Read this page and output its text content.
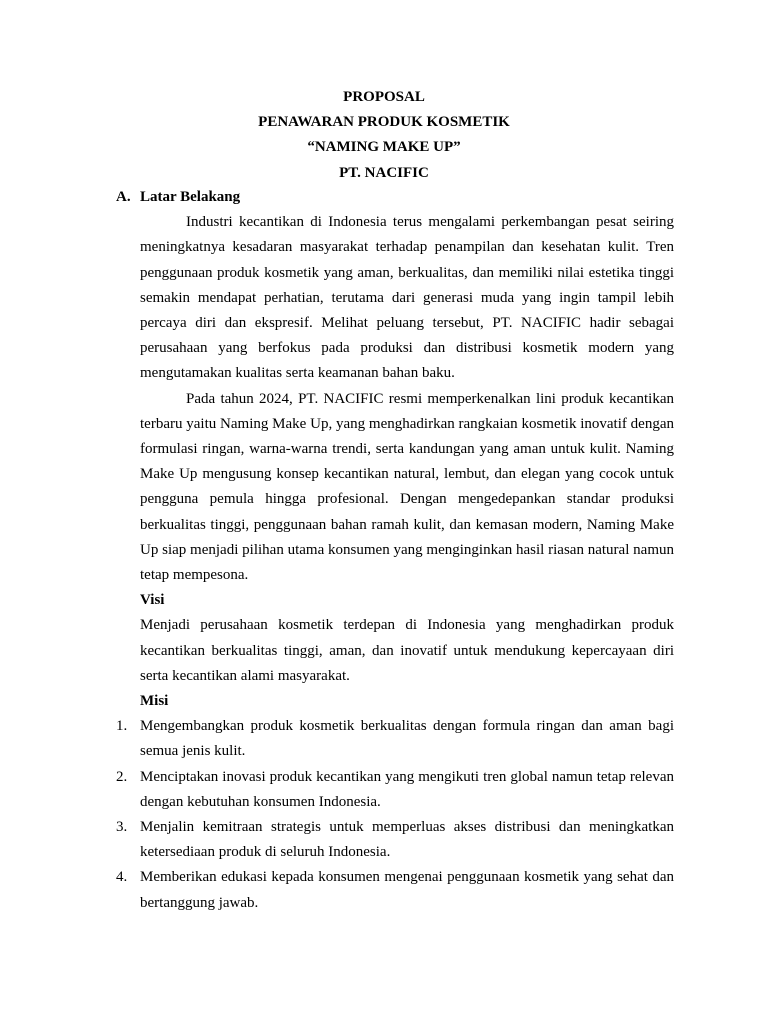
PROPOSAL
PENAWARAN PRODUK KOSMETIK
“NAMING MAKE UP”
PT. NACIFIC
A. Latar Belakang

Industri kecantikan di Indonesia terus mengalami perkembangan pesat seiring meningkatnya kesadaran masyarakat terhadap penampilan dan kesehatan kulit. Tren penggunaan produk kosmetik yang aman, berkualitas, dan memiliki nilai estetika tinggi semakin mendapat perhatian, terutama dari generasi muda yang ingin tampil lebih percaya diri dan ekspresif. Melihat peluang tersebut, PT. NACIFIC hadir sebagai perusahaan yang berfokus pada produksi dan distribusi kosmetik modern yang mengutamakan kualitas serta keamanan bahan baku.

Pada tahun 2024, PT. NACIFIC resmi memperkenalkan lini produk kecantikan terbaru yaitu Naming Make Up, yang menghadirkan rangkaian kosmetik inovatif dengan formulasi ringan, warna-warna trendi, serta kandungan yang aman untuk kulit. Naming Make Up mengusung konsep kecantikan natural, lembut, dan elegan yang cocok untuk pengguna pemula hingga profesional. Dengan mengedepankan standar produksi berkualitas tinggi, penggunaan bahan ramah kulit, dan kemasan modern, Naming Make Up siap menjadi pilihan utama konsumen yang menginginkan hasil riasan natural namun tetap mempesona.

Visi

Menjadi perusahaan kosmetik terdepan di Indonesia yang menghadirkan produk kecantikan berkualitas tinggi, aman, dan inovatif untuk mendukung kepercayaan diri serta kecantikan alami masyarakat.

Misi
1. Mengembangkan produk kosmetik berkualitas dengan formula ringan dan aman bagi semua jenis kulit.
2. Menciptakan inovasi produk kecantikan yang mengikuti tren global namun tetap relevan dengan kebutuhan konsumen Indonesia.
3. Menjalin kemitraan strategis untuk memperluas akses distribusi dan meningkatkan ketersediaan produk di seluruh Indonesia.
4. Memberikan edukasi kepada konsumen mengenai penggunaan kosmetik yang sehat dan bertanggung jawab.
